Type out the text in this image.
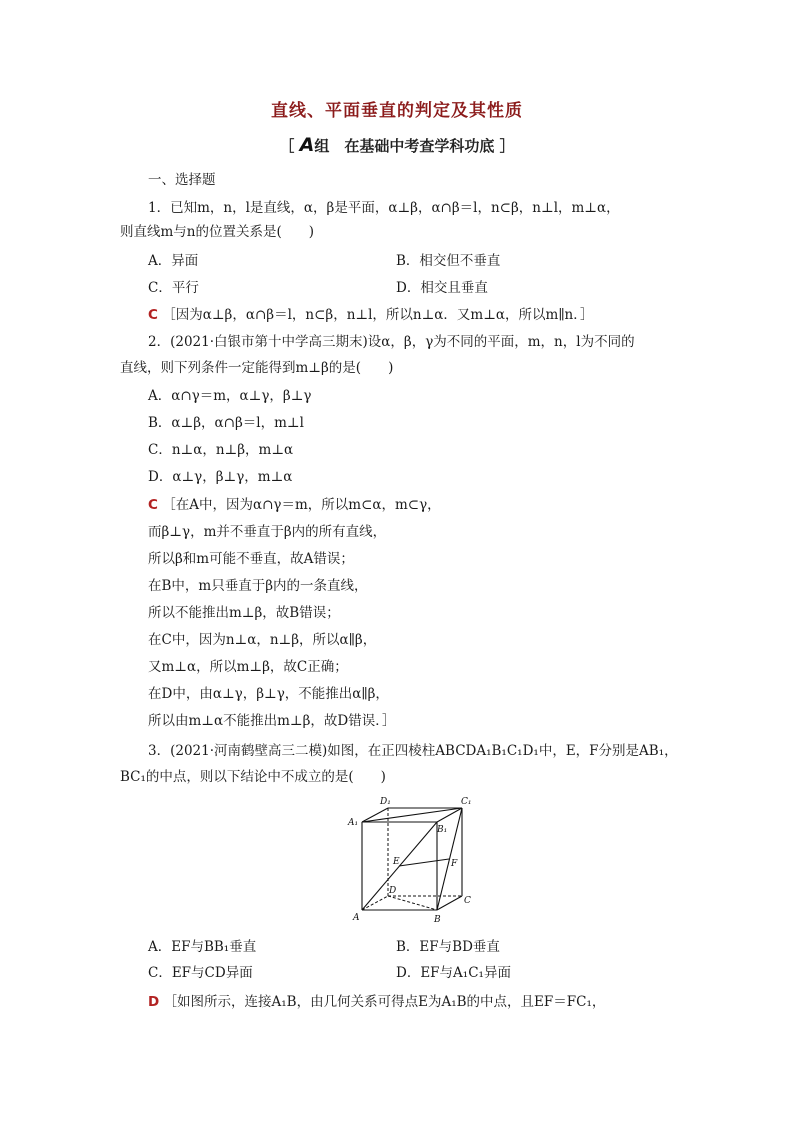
直线、平面垂直的判定及其性质
［ A组　在基础中考查学科功底 ］
一、选择题
1．已知m，n，l是直线，α，β是平面，α⊥β，α∩β＝l，n⊂β，n⊥l，m⊥α，
则直线m与n的位置关系是(　　)
A．异面	B．相交但不垂直
C．平行	D．相交且垂直
C ［因为α⊥β，α∩β＝l，n⊂β，n⊥l，所以n⊥α．又m⊥α，所以m∥n．］
2．(2021·白银市第十中学高三期末)设α，β，γ为不同的平面，m，n，l为不同的
直线，则下列条件一定能得到m⊥β的是(　　)
A．α∩γ＝m，α⊥γ，β⊥γ
B．α⊥β，α∩β＝l，m⊥l
C．n⊥α，n⊥β，m⊥α
D．α⊥γ，β⊥γ，m⊥α
C ［在A中，因为α∩γ＝m，所以m⊂α，m⊂γ，
而β⊥γ，m并不垂直于β内的所有直线，
所以β和m可能不垂直，故A错误；
在B中，m只垂直于β内的一条直线，
所以不能推出m⊥β，故B错误；
在C中，因为n⊥α，n⊥β，所以α∥β，
又m⊥α，所以m⊥β，故C正确；
在D中，由α⊥γ，β⊥γ，不能推出α∥β，
所以由m⊥α不能推出m⊥β，故D错误．］
3．(2021·河南鹤壁高三二模)如图，在正四棱柱ABCDA₁B₁C₁D₁中，E，F分别是AB₁，
BC₁的中点，则以下结论中不成立的是(　　)
D₁	C₁
A₁
B₁
E	F
D
C
A	B
A．EF与BB₁垂直	B．EF与BD垂直
C．EF与CD异面	D．EF与A₁C₁异面
D ［如图所示，连接A₁B，由几何关系可得点E为A₁B的中点，且EF＝FC₁，
